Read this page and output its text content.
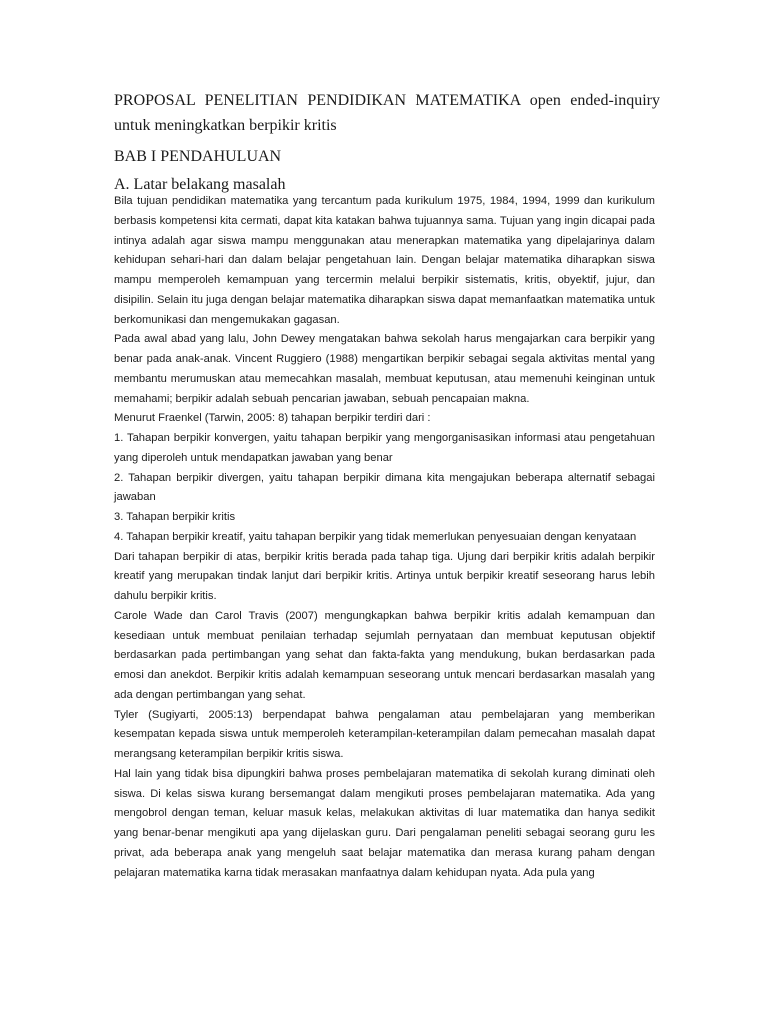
PROPOSAL PENELITIAN PENDIDIKAN MATEMATIKA open ended-inquiry untuk meningkatkan berpikir kritis

BAB I PENDAHULUAN

A. Latar belakang masalah

Bila tujuan pendidikan matematika yang tercantum pada kurikulum 1975, 1984, 1994, 1999 dan kurikulum berbasis kompetensi kita cermati, dapat kita katakan bahwa tujuannya sama. Tujuan yang ingin dicapai pada intinya adalah agar siswa mampu menggunakan atau menerapkan matematika yang dipelajarinya dalam kehidupan sehari-hari dan dalam belajar pengetahuan lain. Dengan belajar matematika diharapkan siswa mampu memperoleh kemampuan yang tercermin melalui berpikir sistematis, kritis, obyektif, jujur, dan disipilin. Selain itu juga dengan belajar matematika diharapkan siswa dapat memanfaatkan matematika untuk berkomunikasi dan mengemukakan gagasan.

Pada awal abad yang lalu, John Dewey mengatakan bahwa sekolah harus mengajarkan cara berpikir yang benar pada anak-anak. Vincent Ruggiero (1988) mengartikan berpikir sebagai segala aktivitas mental yang membantu merumuskan atau memecahkan masalah, membuat keputusan, atau memenuhi keinginan untuk memahami; berpikir adalah sebuah pencarian jawaban, sebuah pencapaian makna.

Menurut Fraenkel (Tarwin, 2005: 8) tahapan berpikir terdiri dari :

1. Tahapan berpikir konvergen, yaitu tahapan berpikir yang mengorganisasikan informasi atau pengetahuan yang diperoleh untuk mendapatkan jawaban yang benar

2. Tahapan berpikir divergen, yaitu tahapan berpikir dimana kita mengajukan beberapa alternatif sebagai jawaban

3. Tahapan berpikir kritis

4. Tahapan berpikir kreatif, yaitu tahapan berpikir yang tidak memerlukan penyesuaian dengan kenyataan

Dari tahapan berpikir di atas, berpikir kritis berada pada tahap tiga. Ujung dari berpikir kritis adalah berpikir kreatif yang merupakan tindak lanjut dari berpikir kritis. Artinya untuk berpikir kreatif seseorang harus lebih dahulu berpikir kritis.

Carole Wade dan Carol Travis (2007) mengungkapkan bahwa berpikir kritis adalah kemampuan dan kesediaan untuk membuat penilaian terhadap sejumlah pernyataan dan membuat keputusan objektif berdasarkan pada pertimbangan yang sehat dan fakta-fakta yang mendukung, bukan berdasarkan pada emosi dan anekdot. Berpikir kritis adalah kemampuan seseorang untuk mencari berdasarkan masalah yang ada dengan pertimbangan yang sehat.

Tyler (Sugiyarti, 2005:13) berpendapat bahwa pengalaman atau pembelajaran yang memberikan kesempatan kepada siswa untuk memperoleh keterampilan-keterampilan dalam pemecahan masalah dapat merangsang keterampilan berpikir kritis siswa.

Hal lain yang tidak bisa dipungkiri bahwa proses pembelajaran matematika di sekolah kurang diminati oleh siswa. Di kelas siswa kurang bersemangat dalam mengikuti proses pembelajaran matematika. Ada yang mengobrol dengan teman, keluar masuk kelas, melakukan aktivitas di luar matematika dan hanya sedikit yang benar-benar mengikuti apa yang dijelaskan guru. Dari pengalaman peneliti sebagai seorang guru les privat, ada beberapa anak yang mengeluh saat belajar matematika dan merasa kurang paham dengan pelajaran matematika karna tidak merasakan manfaatnya dalam kehidupan nyata. Ada pula yang
